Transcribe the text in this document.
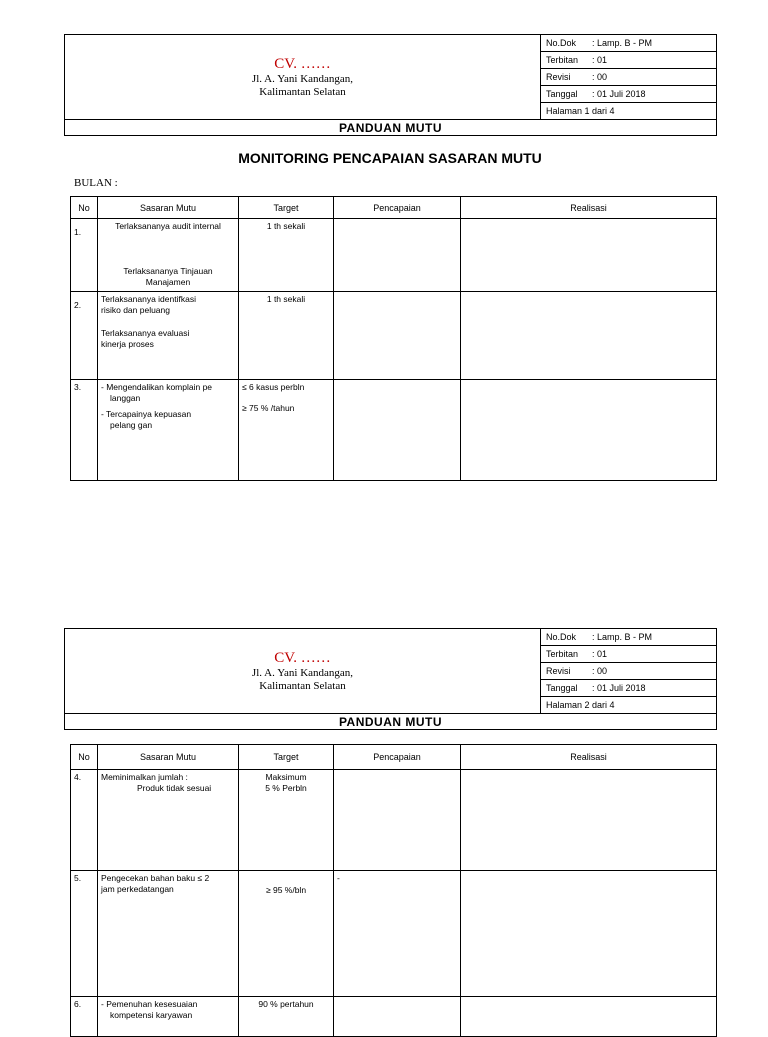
CV. ……
Jl. A. Yani Kandangan,
Kalimantan Selatan
	No.Dok : Lamp. B - PM
Terbitan : 01
Revisi : 00
Tanggal : 01 Juli 2018
Halaman 1 dari 4
PANDUAN MUTU
MONITORING PENCAPAIAN SASARAN MUTU
BULAN :
No	Sasaran Mutu	Target	Pencapaian	Realisasi
1.	Terlaksananya audit internal
Terlaksananya Tinjauan
Manajamen	1 th sekali		

2.	Terlaksananya identifkasi
risiko dan peluang
Terlaksananya evaluasi
kinerja proses	1 th sekali		

3.	- Mengendalikan komplain pe
langgan
- Tercapainya kepuasan
pelang gan	≤ 6 kasus perbln
≥ 75 % /tahun		

CV. ……
Jl. A. Yani Kandangan,
Kalimantan Selatan
	No.Dok : Lamp. B - PM
Terbitan : 01
Revisi : 00
Tanggal : 01 Juli 2018
Halaman 2 dari 4
PANDUAN MUTU
No	Sasaran Mutu	Target	Pencapaian	Realisasi
4.	Meminimalkan jumlah :
Produk tidak sesuai	Maksimum
5 % Perbln		

5.	Pengecekan bahan baku ≤ 2
jam perkedatangan	≥ 95 %/bln	-	
6.	- Pemenuhan kesesuaian
kompetensi karyawan	90 % pertahun		
